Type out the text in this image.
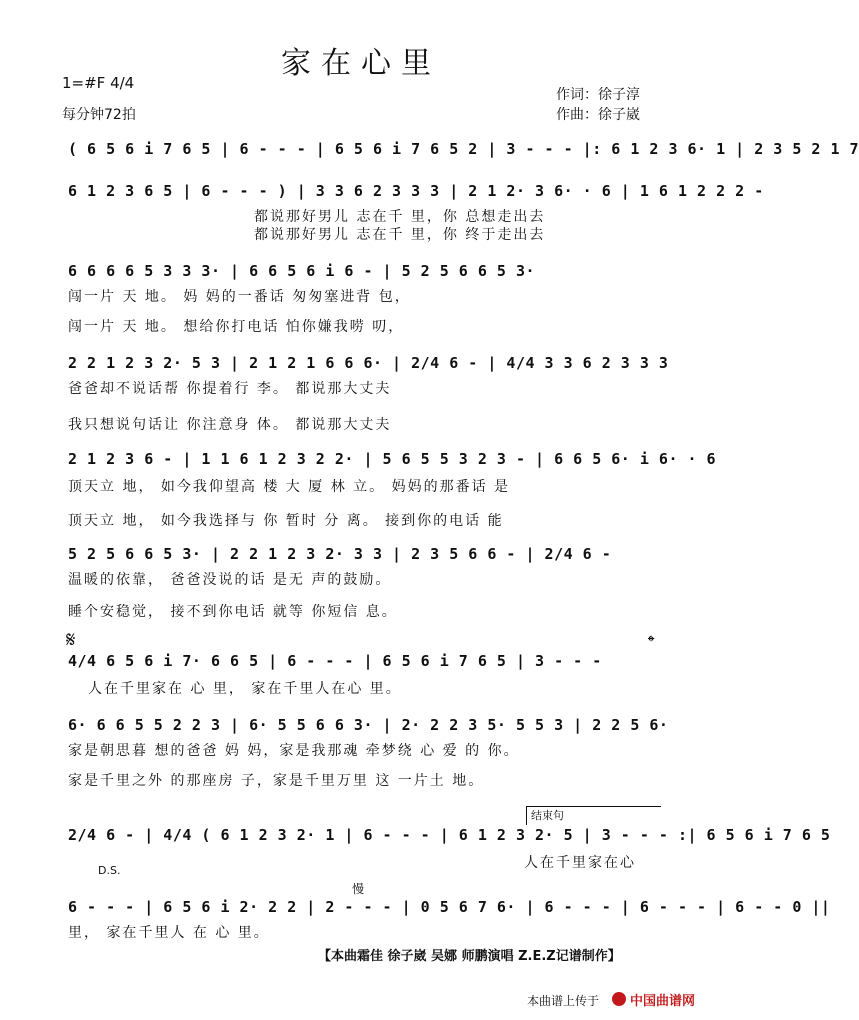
家在心里
1=#F 4/4
每分钟72拍
作词：徐子淳
作曲：徐子崴
( 6 5 6 i 7 6 5 | 6 - - - | 6 5 6 i 7 6 5 2 | 3 - - - |: 6 1 2 3 6· 1 | 2 3 5 2 1 7
6 1 2 3 6 5 | 6 - - - ) | 3 3 6 2 3 3 3 | 2 1 2· 3 6· · 6 | 1 6 1 2 2 2 -
都说那好男儿 志在千 里，你 总想走出去
都说那好男儿 志在千 里，你 终于走出去
6 6 6 6 5 3 3 3· | 6 6 5 6 i 6 - | 5 2 5 6 6 5 3·
闯一片 天 地。 妈 妈的一番话 匆匆塞进背 包，
闯一片 天 地。 想给你打电话 怕你嫌我唠 叨，
2 2 1 2 3 2· 5 3 | 2 1 2 1 6 6 6· | 2/4 6 - | 4/4 3 3 6 2 3 3 3
爸爸却不说话帮 你提着行 李。 都说那大丈夫
我只想说句话让 你注意身 体。 都说那大丈夫
2 1 2 3 6 - | 1 1 6 1 2 3 2 2· | 5 6 5 5 3 2 3 - | 6 6 5 6· i 6· · 6
顶天立 地， 如今我仰望高 楼 大 厦 林 立。 妈妈的那番话 是
顶天立 地， 如今我选择与 你 暂时 分 离。 接到你的电话 能
5 2 5 6 6 5 3· | 2 2 1 2 3 2· 3 3 | 2 3 5 6 6 - | 2/4 6 -
温暖的依靠， 爸爸没说的话 是无 声的鼓励。
睡个安稳觉， 接不到你电话 就等 你短信 息。
𝄋	𝄌
4/4 6 5 6 i 7· 6 6 5 | 6 - - - | 6 5 6 i 7 6 5 | 3 - - -
人在千里家在 心 里， 家在千里人在心 里。
6· 6 6 5 5 2 2 3 | 6· 5 5 6 6 3· | 2· 2 2 3 5· 5 5 3 | 2 2 5 6·
家是朝思暮 想的爸爸 妈 妈，家是我那魂 牵梦绕 心 爱 的 你。
家是千里之外 的那座房 子，家是千里万里 这 一片土 地。
结束句
2/4 6 - | 4/4 ( 6 1 2 3 2· 1 | 6 - - - | 6 1 2 3 2· 5 | 3 - - - :| 6 5 6 i 7 6 5
人在千里家在心
D.S.
慢
6 - - - | 6 5 6 i 2· 2 2 | 2 - - - | 0 5 6 7 6· | 6 - - - | 6 - - - | 6 - - 0 ||
里， 家在千里人 在 心 里。
【本曲霜佳 徐子崴 吴娜 师鹏演唱 Z.E.Z记谱制作】
本曲谱上传于 中国曲谱网
